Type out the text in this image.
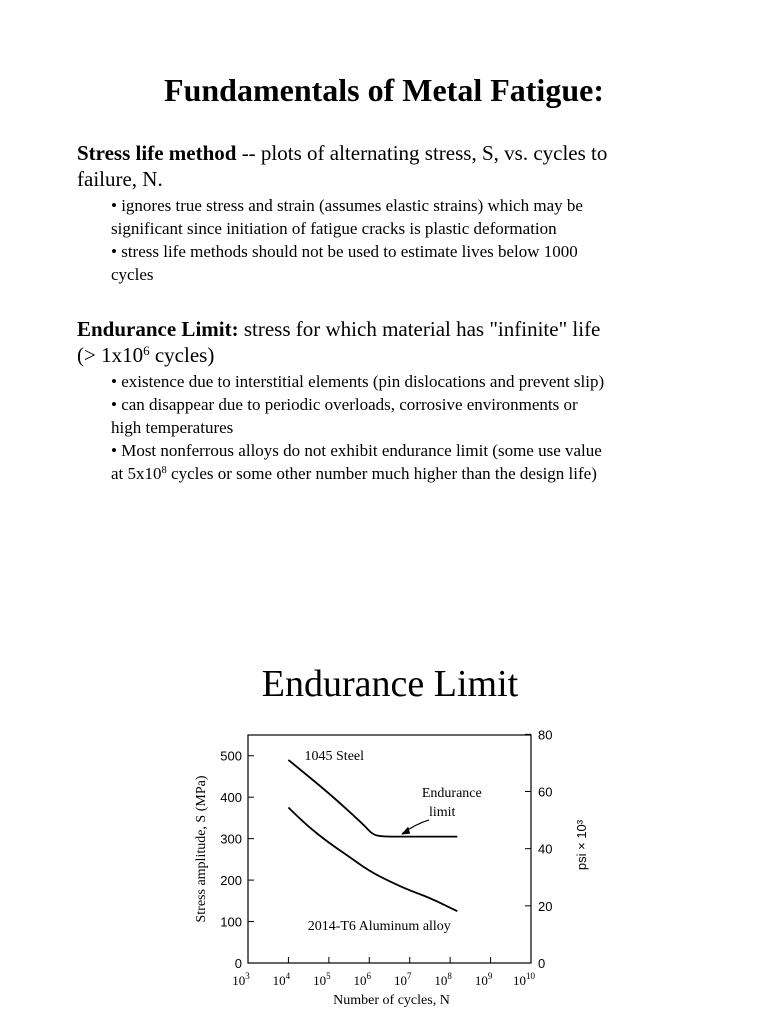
Fundamentals of Metal Fatigue:

Stress life method -- plots of alternating stress, S, vs. cycles to
failure, N.

• ignores true stress and strain (assumes elastic strains) which may be
significant since initiation of fatigue cracks is plastic deformation
• stress life methods should not be used to estimate lives below 1000
cycles

Endurance Limit: stress for which material has "infinite" life
(> $1x10^6$ cycles)

• existence due to interstitial elements (pin dislocations and prevent slip)
• can disappear due to periodic overloads, corrosive environments or
high temperatures
• Most nonferrous alloys do not exhibit endurance limit (some use value
at $5x10^8$ cycles or some other number much higher than the design life)
Endurance Limit
$10^3$ $10^4$ $10^5$ $10^6$ $10^7$ $10^8$ $10^9$ $10^{10}$
0
100
200
300
400
500
0
20
40
60
80
Number of cycles, N
Stress amplitude, S (MPa)	psi × 10³
1045 Steel
2014-T6 Aluminum alloy
Endurance
limit
